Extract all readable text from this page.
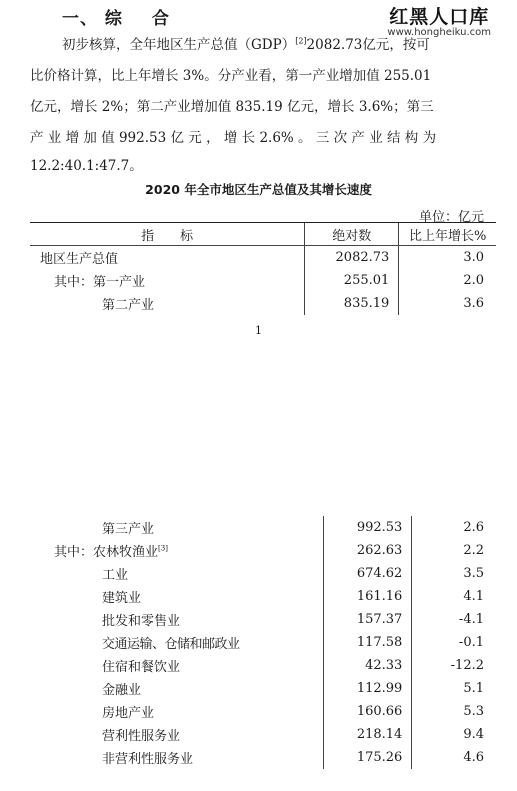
一、 综 合	红黑人口库
www.hongheiku.com
初步核算，全年地区生产总值（GDP）[2]2082.73亿元，按可
比价格计算，比上年增长 3%。分产业看，第一产业增加值 255.01
亿元，增长 2%；第二产业增加值 835.19 亿元，增长 3.6%；第三
产 业 增 加 值 992.53 亿 元 ， 增 长 2.6% 。 三 次 产 业 结 构 为
12.2:40.1:47.7。
2020 年全市地区生产总值及其增长速度
单位：亿元
指　　标	绝对数	比上年增长%
地区生产总值	2082.73	3.0
其中：第一产业	255.01	2.0
第二产业	835.19	3.6
1
第三产业	992.53	2.6
其中：农林牧渔业[3]	262.63	2.2
工业	674.62	3.5
建筑业	161.16	4.1
批发和零售业	157.37	-4.1
交通运输、仓储和邮政业	117.58	-0.1
住宿和餐饮业	42.33	-12.2
金融业	112.99	5.1
房地产业	160.66	5.3
营利性服务业	218.14	9.4
非营利性服务业	175.26	4.6
